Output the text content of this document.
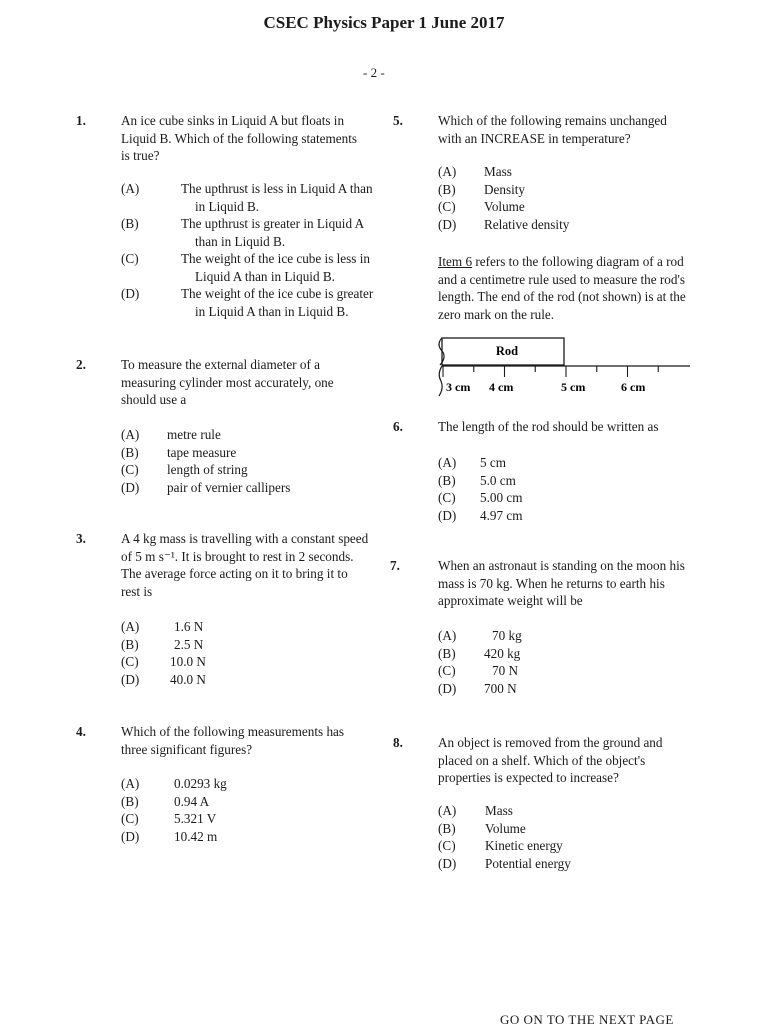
CSEC Physics Paper 1 June 2017
- 2 -
1.	An ice cube sinks in Liquid A but floats in Liquid B. Which of the following statements is true?
(A)	The upthrust is less in Liquid A than in Liquid B.
(B)	The upthrust is greater in Liquid A than in Liquid B.
(C)	The weight of the ice cube is less in Liquid A than in Liquid B.
(D)	The weight of the ice cube is greater in Liquid A than in Liquid B.
2.	To measure the external diameter of a measuring cylinder most accurately, one should use a
(A) metre rule
(B) tape measure
(C) length of string
(D) pair of vernier callipers
3.	A 4 kg mass is travelling with a constant speed of 5 m s⁻¹. It is brought to rest in 2 seconds. The average force acting on it to bring it to rest is
(A)	1.6 N
(B)	2.5 N
(C) 10.0 N
(D) 40.0 N
4.	Which of the following measurements has three significant figures?
(A)	0.0293 kg
(B)	0.94 A
(C)	5.321 V
(D)	10.42 m
5.	Which of the following remains unchanged with an INCREASE in temperature?
(A) Mass
(B) Density
(C) Volume
(D) Relative density
Item 6 refers to the following diagram of a rod and a centimetre rule used to measure the rod's length. The end of the rod (not shown) is at the zero mark on the rule.
Rod
3 cm 4 cm	5 cm	6 cm
6.	The length of the rod should be written as
(A) 5 cm
(B) 5.0 cm
(C) 5.00 cm
(D) 4.97 cm
7.	When an astronaut is standing on the moon his mass is 70 kg. When he returns to earth his approximate weight will be
(A)	70 kg
(B) 420 kg
(C)	70 N
(D) 700 N
8.	An object is removed from the ground and placed on a shelf. Which of the object's properties is expected to increase?
(A) Mass
(B) Volume
(C) Kinetic energy
(D) Potential energy
GO ON TO THE NEXT PAGE
